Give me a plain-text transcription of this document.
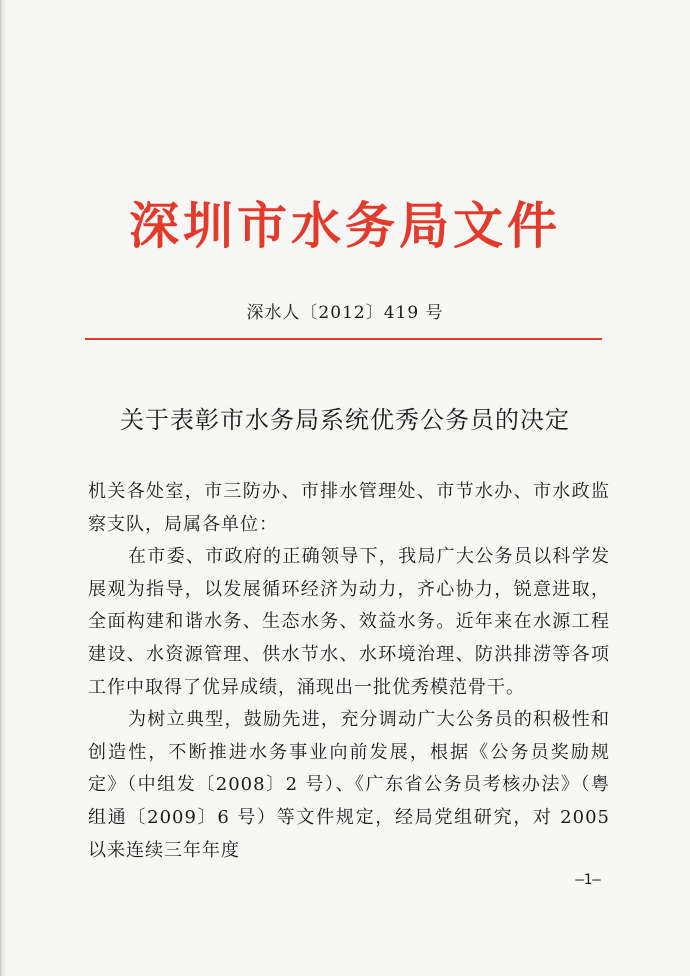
深圳市水务局文件
深水人〔2012〕419 号
关于表彰市水务局系统优秀公务员的决定

机关各处室，市三防办、市排水管理处、市节水办、市水政监察支队，局属各单位：

在市委、市政府的正确领导下，我局广大公务员以科学发展观为指导，以发展循环经济为动力，齐心协力，锐意进取，全面构建和谐水务、生态水务、效益水务。近年来在水源工程建设、水资源管理、供水节水、水环境治理、防洪排涝等各项工作中取得了优异成绩，涌现出一批优秀模范骨干。

为树立典型，鼓励先进，充分调动广大公务员的积极性和创造性，不断推进水务事业向前发展，根据《公务员奖励规定》（中组发〔2008〕2 号）、《广东省公务员考核办法》（粤组通〔2009〕6 号）等文件规定，经局党组研究，对 2005 以来连续三年年度

—1—
